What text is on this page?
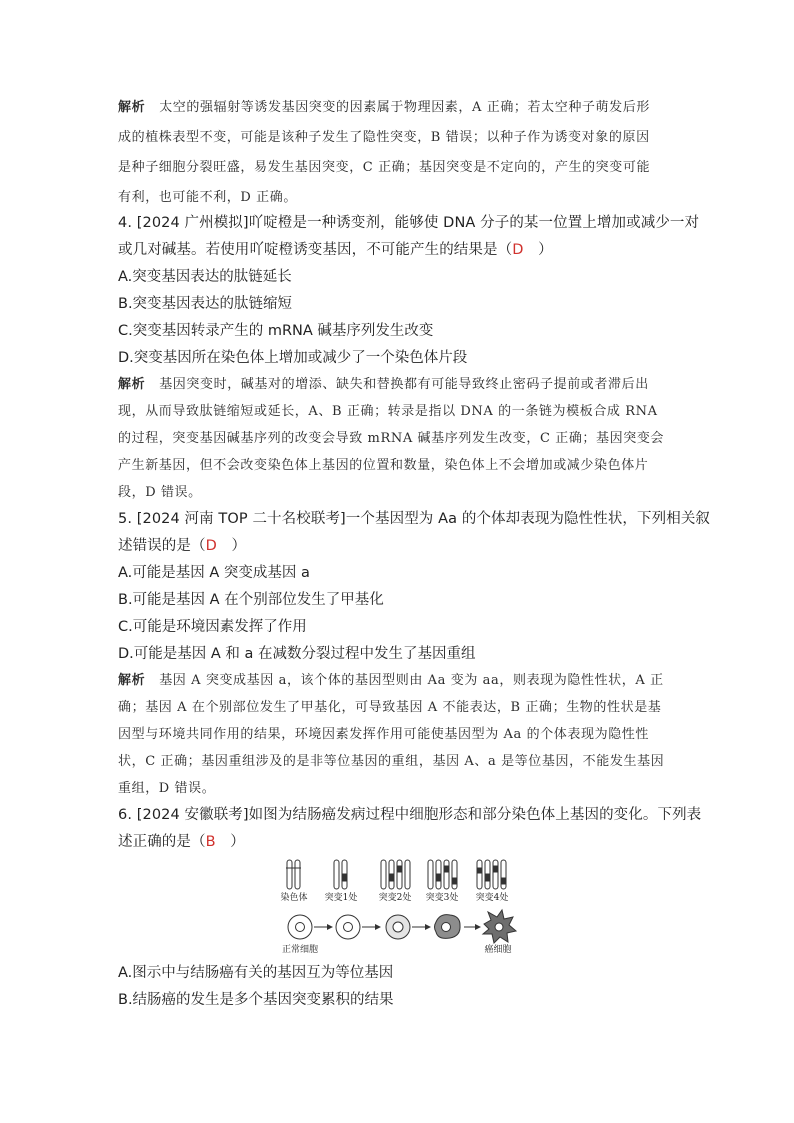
解析 太空的强辐射等诱发基因突变的因素属于物理因素，A 正确；若太空种子萌发后形
成的植株表型不变，可能是该种子发生了隐性突变，B 错误；以种子作为诱变对象的原因
是种子细胞分裂旺盛，易发生基因突变，C 正确；基因突变是不定向的，产生的突变可能
有利，也可能不利，D 正确。
4. [2024 广州模拟]吖啶橙是一种诱变剂，能够使 DNA 分子的某一位置上增加或减少一对
或几对碱基。若使用吖啶橙诱变基因，不可能产生的结果是（D　）
A.突变基因表达的肽链延长
B.突变基因表达的肽链缩短
C.突变基因转录产生的 mRNA 碱基序列发生改变
D.突变基因所在染色体上增加或减少了一个染色体片段
解析 基因突变时，碱基对的增添、缺失和替换都有可能导致终止密码子提前或者滞后出
现，从而导致肽链缩短或延长，A、B 正确；转录是指以 DNA 的一条链为模板合成 RNA
的过程，突变基因碱基序列的改变会导致 mRNA 碱基序列发生改变，C 正确；基因突变会
产生新基因，但不会改变染色体上基因的位置和数量，染色体上不会增加或减少染色体片
段，D 错误。
5. [2024 河南 TOP 二十名校联考]一个基因型为 Aa 的个体却表现为隐性性状，下列相关叙
述错误的是（D　）
A.可能是基因 A 突变成基因 a
B.可能是基因 A 在个别部位发生了甲基化
C.可能是环境因素发挥了作用
D.可能是基因 A 和 a 在减数分裂过程中发生了基因重组
解析 基因 A 突变成基因 a，该个体的基因型则由 Aa 变为 aa，则表现为隐性性状，A 正
确；基因 A 在个别部位发生了甲基化，可导致基因 A 不能表达，B 正确；生物的性状是基
因型与环境共同作用的结果，环境因素发挥作用可能使基因型为 Aa 的个体表现为隐性性
状，C 正确；基因重组涉及的是非等位基因的重组，基因 A、a 是等位基因，不能发生基因
重组，D 错误。
6. [2024 安徽联考]如图为结肠癌发病过程中细胞形态和部分染色体上基因的变化。下列表
述正确的是（B　）
染色体 突变1处 突变2处 突变3处 突变4处
正常细胞	癌细胞
A.图示中与结肠癌有关的基因互为等位基因
B.结肠癌的发生是多个基因突变累积的结果
